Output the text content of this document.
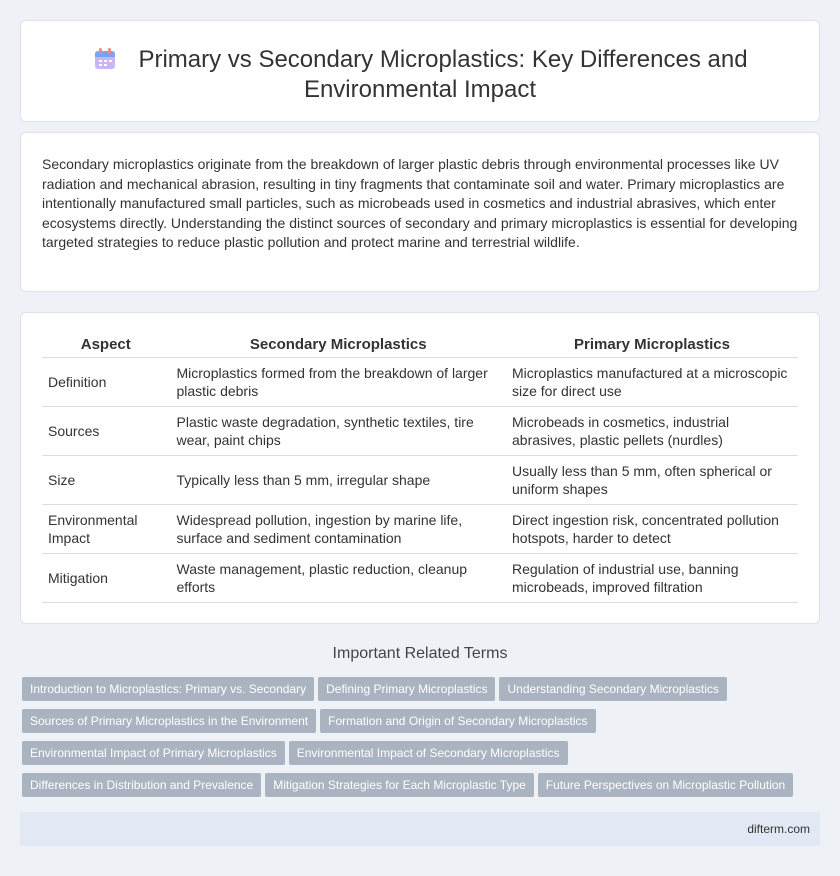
Primary vs Secondary Microplastics: Key Differences and Environmental Impact

Secondary microplastics originate from the breakdown of larger plastic debris through environmental processes like UV radiation and mechanical abrasion, resulting in tiny fragments that contaminate soil and water. Primary microplastics are intentionally manufactured small particles, such as microbeads used in cosmetics and industrial abrasives, which enter ecosystems directly. Understanding the distinct sources of secondary and primary microplastics is essential for developing targeted strategies to reduce plastic pollution and protect marine and terrestrial wildlife.

Aspect	Secondary Microplastics	Primary Microplastics
Definition	Microplastics formed from the breakdown of larger plastic debris	Microplastics manufactured at a microscopic size for direct use
Sources	Plastic waste degradation, synthetic textiles, tire wear, paint chips	Microbeads in cosmetics, industrial abrasives, plastic pellets (nurdles)
Size	Typically less than 5 mm, irregular shape	Usually less than 5 mm, often spherical or uniform shapes
Environmental Impact	Widespread pollution, ingestion by marine life, surface and sediment contamination	Direct ingestion risk, concentrated pollution hotspots, harder to detect
Mitigation	Waste management, plastic reduction, cleanup efforts	Regulation of industrial use, banning microbeads, improved filtration
Important Related Terms
Introduction to Microplastics: Primary vs. Secondary Defining Primary Microplastics Understanding Secondary Microplastics
Sources of Primary Microplastics in the Environment Formation and Origin of Secondary Microplastics
Environmental Impact of Primary Microplastics Environmental Impact of Secondary Microplastics
Differences in Distribution and Prevalence Mitigation Strategies for Each Microplastic Type Future Perspectives on Microplastic Pollution
difterm.com
